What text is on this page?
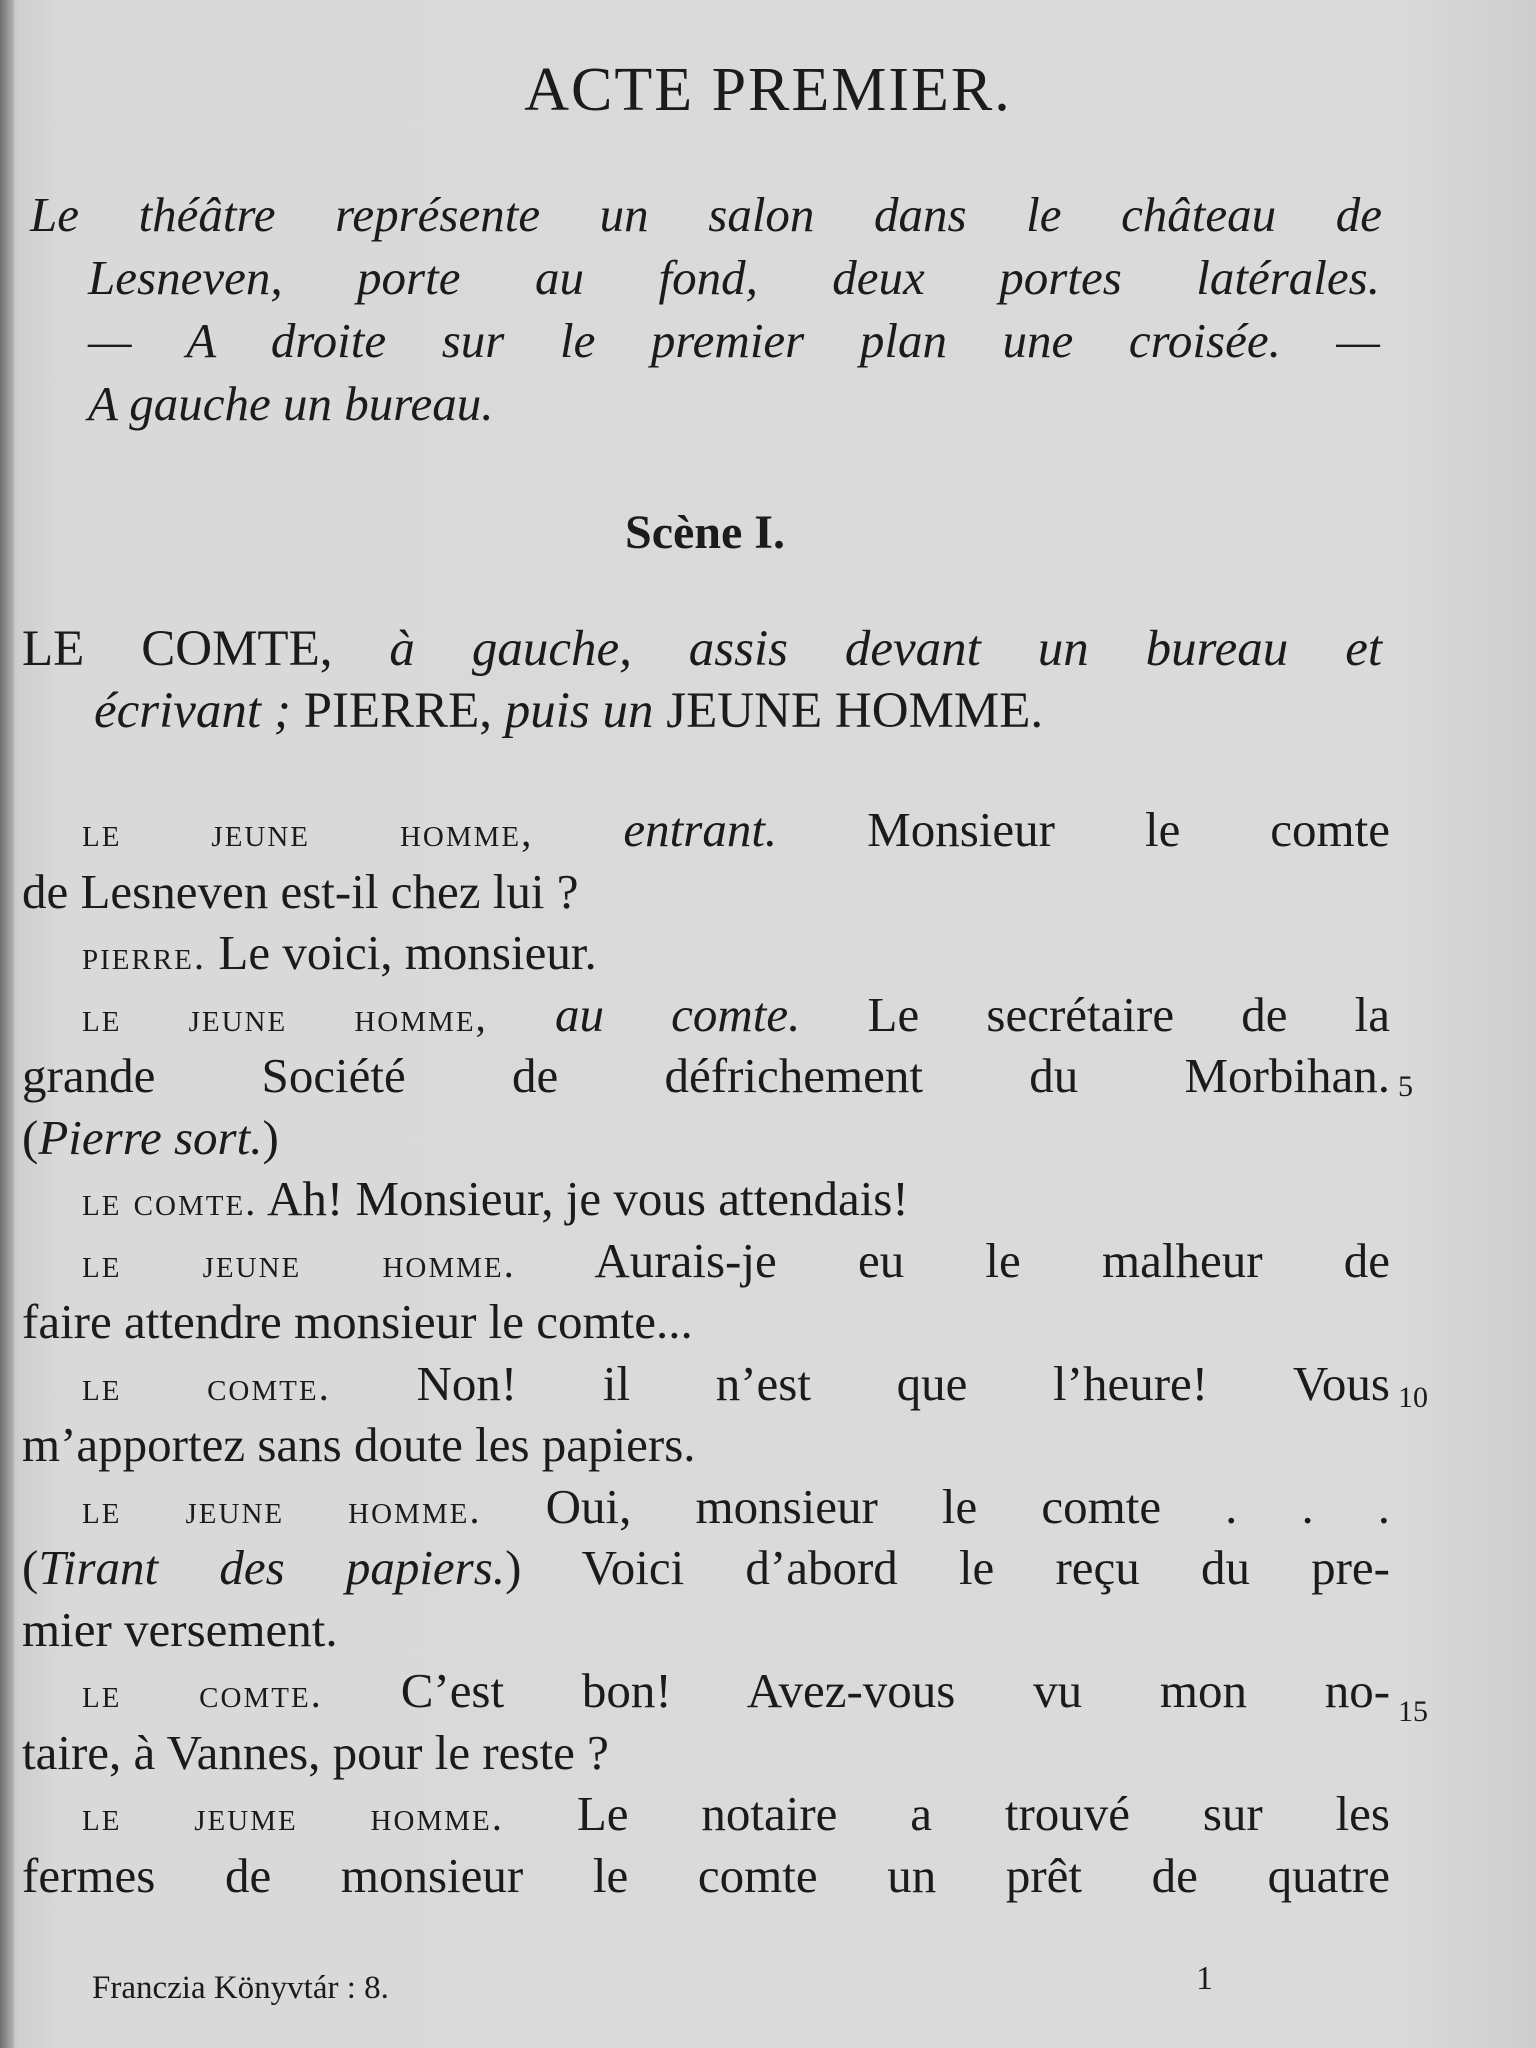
ACTE PREMIER.
Le théâtre représente un salon dans le château de
Lesneven, porte au fond, deux portes latérales.
— A droite sur le premier plan une croisée. —
A gauche un bureau.
Scène I.
LE COMTE, à gauche, assis devant un bureau et
écrivant ; PIERRE, puis un JEUNE HOMME.
le jeune homme, entrant. Monsieur le comte
de Lesneven est-il chez lui ?
pierre. Le voici, monsieur.
le jeune homme, au comte. Le secrétaire de la
grande Société de défrichement du Morbihan.
(Pierre sort.)
le comte. Ah! Monsieur, je vous attendais!
le jeune homme. Aurais-je eu le malheur de
faire attendre monsieur le comte...
le comte. Non! il n’est que l’heure! Vous
m’apportez sans doute les papiers.
le jeune homme. Oui, monsieur le comte . . .
(Tirant des papiers.) Voici d’abord le reçu du pre-
mier versement.
le comte. C’est bon! Avez-vous vu mon no-
taire, à Vannes, pour le reste ?
le jeume homme. Le notaire a trouvé sur les
fermes de monsieur le comte un prêt de quatre
5
10
15
Franczia Könyvtár : 8.	1
